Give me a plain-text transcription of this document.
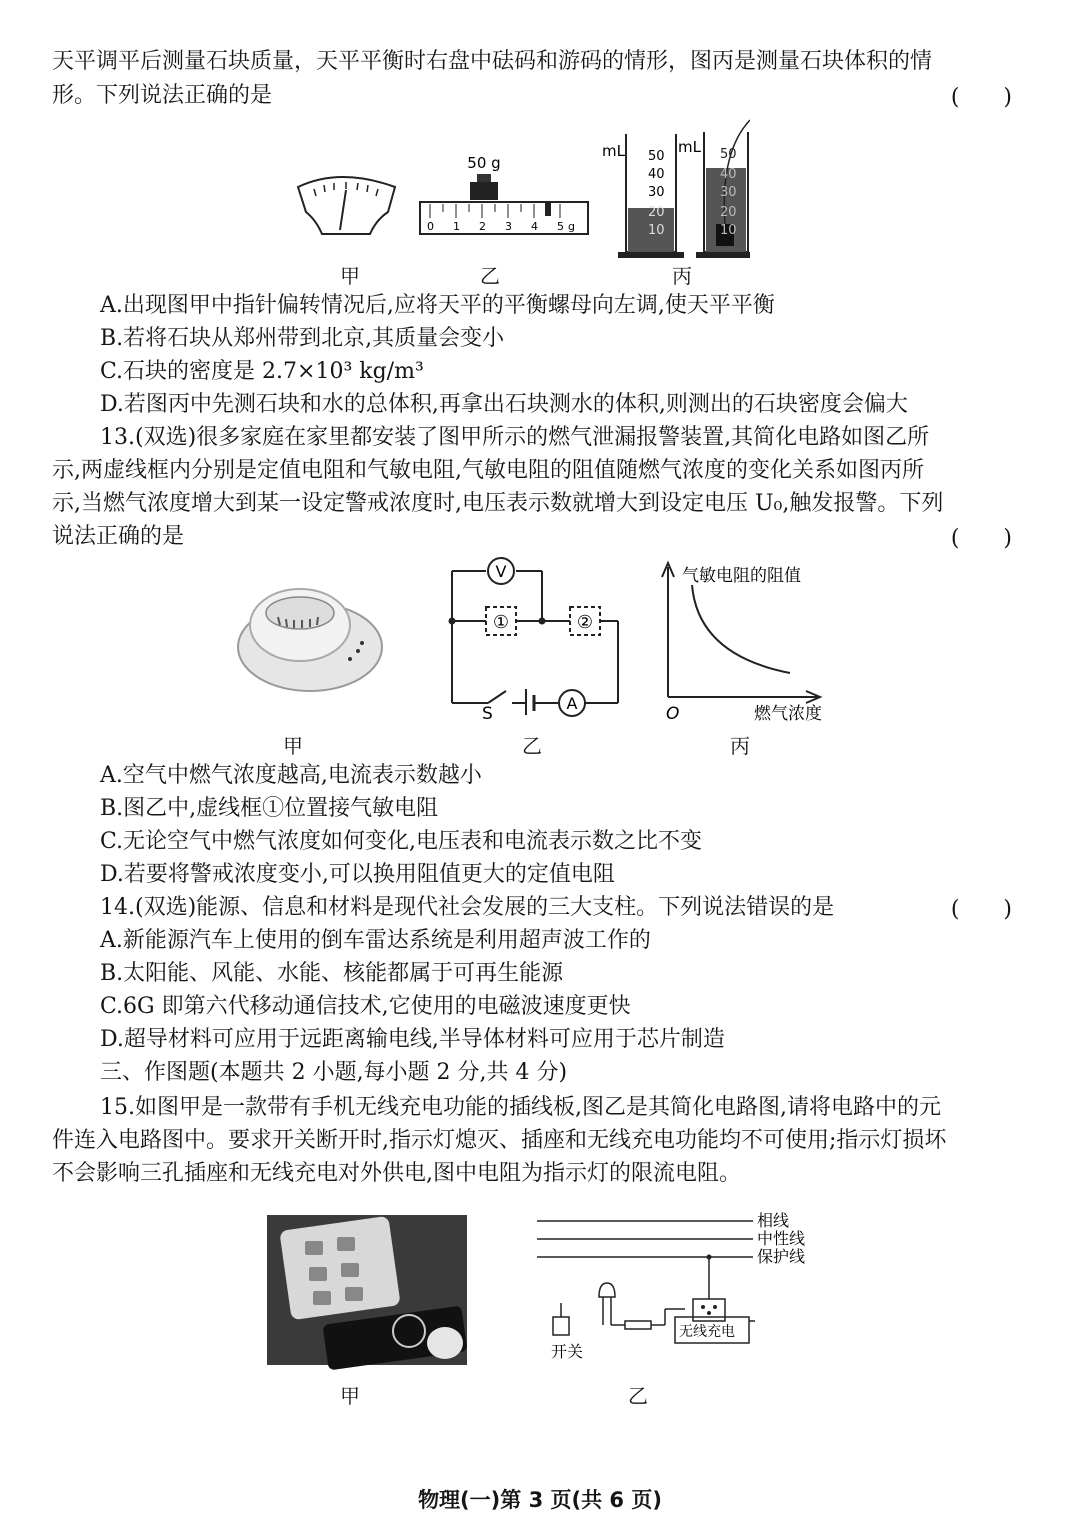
天平调平后测量石块质量，天平平衡时右盘中砝码和游码的情形，图丙是测量石块体积的情
形。下列说法正确的是	(　　)
50 g
0 1 2 3 4 5 g
mL 50
40
30
20
10
mL 50
40
30
20
10
甲	乙	丙
A.出现图甲中指针偏转情况后,应将天平的平衡螺母向左调,使天平平衡
B.若将石块从郑州带到北京,其质量会变小
C.石块的密度是 2.7×10³ kg/m³
D.若图丙中先测石块和水的总体积,再拿出石块测水的体积,则测出的石块密度会偏大
13.(双选)很多家庭在家里都安装了图甲所示的燃气泄漏报警装置,其简化电路如图乙所
示,两虚线框内分别是定值电阻和气敏电阻,气敏电阻的阻值随燃气浓度的变化关系如图丙所
示,当燃气浓度增大到某一设定警戒浓度时,电压表示数就增大到设定电压 U₀,触发报警。下列
说法正确的是	(　　)
V
A
①	②
S
气敏电阻的阻值
燃气浓度
O
甲	乙	丙
A.空气中燃气浓度越高,电流表示数越小
B.图乙中,虚线框①位置接气敏电阻
C.无论空气中燃气浓度如何变化,电压表和电流表示数之比不变
D.若要将警戒浓度变小,可以换用阻值更大的定值电阻
14.(双选)能源、信息和材料是现代社会发展的三大支柱。下列说法错误的是	(　　)
A.新能源汽车上使用的倒车雷达系统是利用超声波工作的
B.太阳能、风能、水能、核能都属于可再生能源
C.6G 即第六代移动通信技术,它使用的电磁波速度更快
D.超导材料可应用于远距离输电线,半导体材料可应用于芯片制造
三、作图题(本题共 2 小题,每小题 2 分,共 4 分)
15.如图甲是一款带有手机无线充电功能的插线板,图乙是其简化电路图,请将电路中的元
件连入电路图中。要求开关断开时,指示灯熄灭、插座和无线充电功能均不可使用;指示灯损坏
不会影响三孔插座和无线充电对外供电,图中电阻为指示灯的限流电阻。
相线
中性线
保护线
开关
无线充电
甲	乙
物理(一)第 3 页(共 6 页)
